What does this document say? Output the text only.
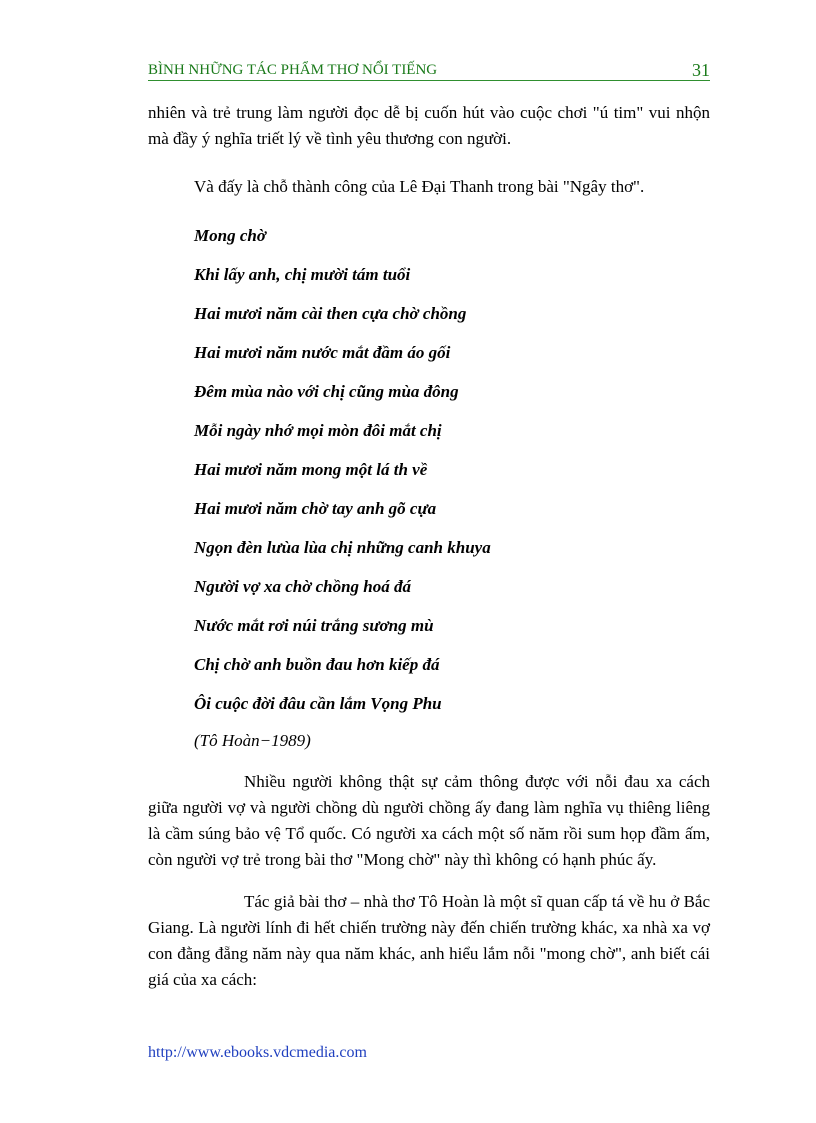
BÌNH NHỮNG TÁC PHẨM THƠ NỔI TIẾNG	31

nhiên và trẻ trung làm người đọc dễ bị cuốn hút vào cuộc chơi "ú tim" vui nhộn mà đầy ý nghĩa triết lý về tình yêu thương con người.

Và đấy là chỗ thành công của Lê Đại Thanh trong bài "Ngây thơ".

Mong chờ
Khi lấy anh, chị mười tám tuổi
Hai mươi năm cài then cựa chờ chồng
Hai mươi năm nước mắt đầm áo gối
Đêm mùa nào với chị cũng mùa đông
Mỗi ngày nhớ mọi mòn đôi mắt chị
Hai mươi năm mong một lá th về
Hai mươi năm chờ tay anh gõ cựa
Ngọn đèn lưùa lùa chị những canh khuya
Người vợ xa chờ chồng hoá đá
Nước mắt rơi núi trắng sương mù
Chị chờ anh buồn đau hơn kiếp đá
Ôi cuộc đời đâu cần lắm Vọng Phu
(Tô Hoàn−1989)

Nhiều người không thật sự cảm thông được với nỗi đau xa cách giữa người vợ và người chồng dù người chồng ấy đang làm nghĩa vụ thiêng liêng là cầm súng bảo vệ Tổ quốc. Có người xa cách một số năm rồi sum họp đầm ấm, còn người vợ trẻ trong bài thơ "Mong chờ" này thì không có hạnh phúc ấy.

Tác giả bài thơ – nhà thơ Tô Hoàn là một sĩ quan cấp tá về hu ở Bắc Giang. Là người lính đi hết chiến trường này đến chiến trường khác, xa nhà xa vợ con đằng đẵng năm này qua năm khác, anh hiểu lắm nỗi "mong chờ", anh biết cái giá của xa cách:

http://www.ebooks.vdcmedia.com
